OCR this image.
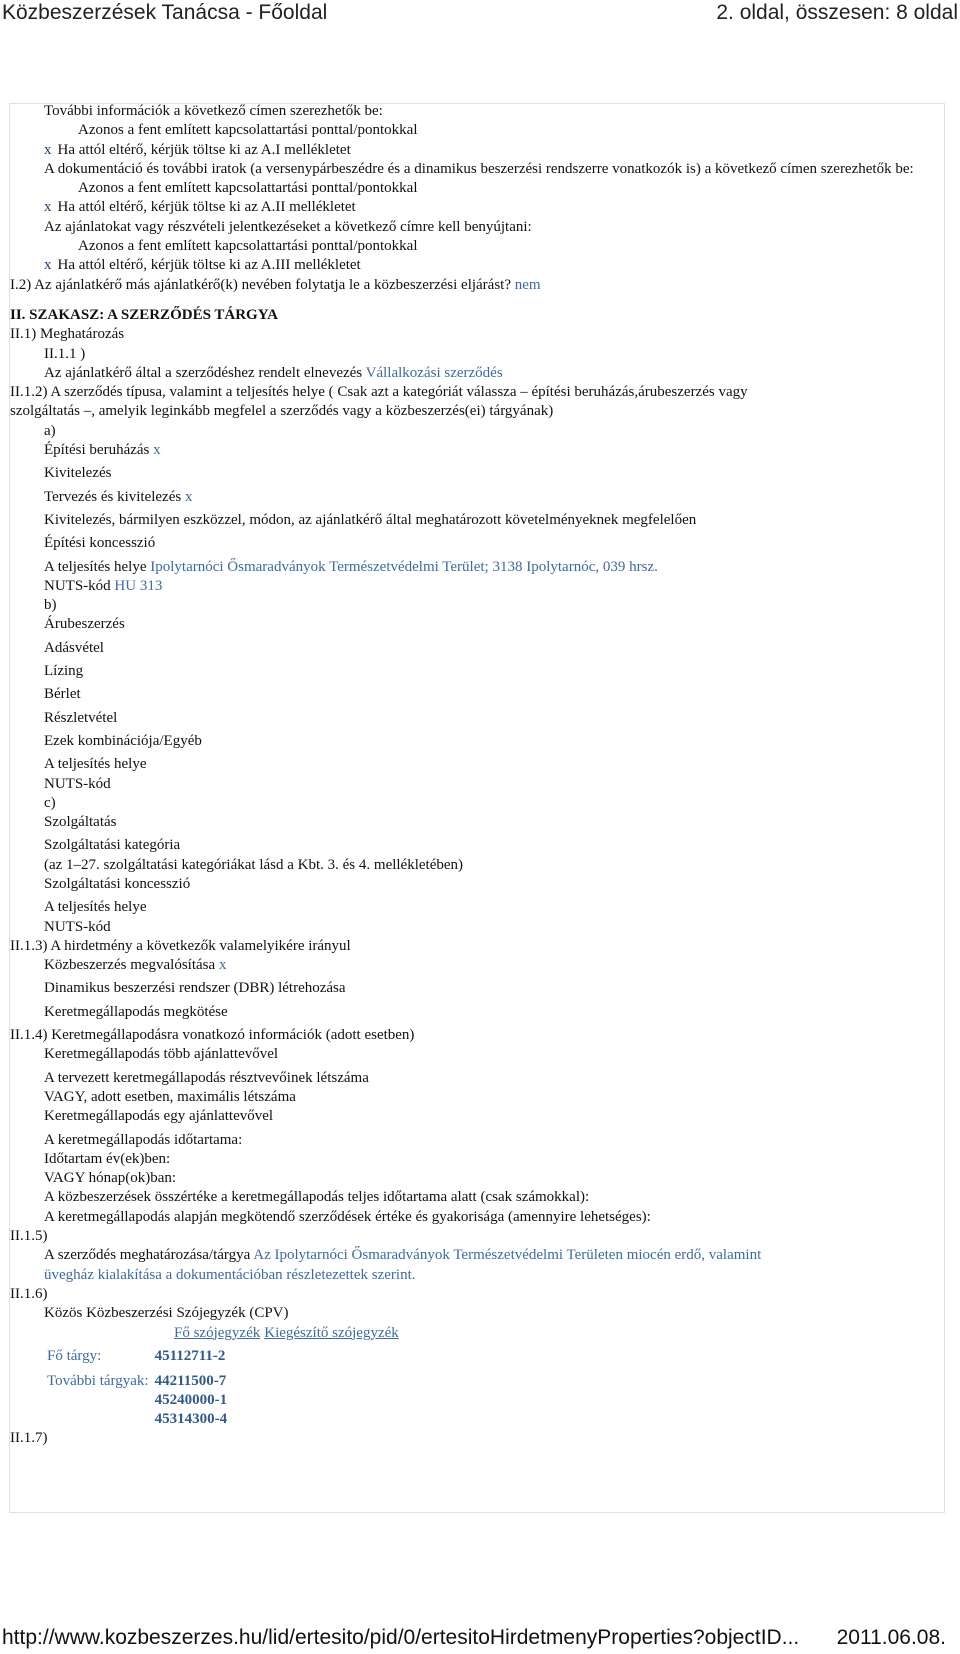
Közbeszerzések Tanácsa - Főoldal	2. oldal, összesen: 8 oldal
További információk a következő címen szerezhetők be:
Azonos a fent említett kapcsolattartási ponttal/pontokkal
x Ha attól eltérő, kérjük töltse ki az A.I mellékletet
A dokumentáció és további iratok (a versenypárbeszédre és a dinamikus beszerzési rendszerre vonatkozók is) a következő címen szerezhetők be:
Azonos a fent említett kapcsolattartási ponttal/pontokkal
x Ha attól eltérő, kérjük töltse ki az A.II mellékletet
Az ajánlatokat vagy részvételi jelentkezéseket a következő címre kell benyújtani:
Azonos a fent említett kapcsolattartási ponttal/pontokkal
x Ha attól eltérő, kérjük töltse ki az A.III mellékletet
I.2) Az ajánlatkérő más ajánlatkérő(k) nevében folytatja le a közbeszerzési eljárást? nem
II. SZAKASZ: A SZERZŐDÉS TÁRGYA
II.1) Meghatározás
II.1.1 )
Az ajánlatkérő által a szerződéshez rendelt elnevezés Vállalkozási szerződés
II.1.2) A szerződés típusa, valamint a teljesítés helye ( Csak azt a kategóriát válassza – építési beruházás,árubeszerzés vagy
szolgáltatás –, amelyik leginkább megfelel a szerződés vagy a közbeszerzés(ei) tárgyának)
a)
Építési beruházás x
Kivitelezés
Tervezés és kivitelezés x
Kivitelezés, bármilyen eszközzel, módon, az ajánlatkérő által meghatározott követelményeknek megfelelően
Építési koncesszió
A teljesítés helye Ipolytarnóci Ősmaradványok Természetvédelmi Terület; 3138 Ipolytarnóc, 039 hrsz.
NUTS-kód HU 313
b)
Árubeszerzés
Adásvétel
Lízing
Bérlet
Részletvétel
Ezek kombinációja/Egyéb
A teljesítés helye
NUTS-kód
c)
Szolgáltatás
Szolgáltatási kategória
(az 1–27. szolgáltatási kategóriákat lásd a Kbt. 3. és 4. mellékletében)
Szolgáltatási koncesszió
A teljesítés helye
NUTS-kód
II.1.3) A hirdetmény a következők valamelyikére irányul
Közbeszerzés megvalósítása x
Dinamikus beszerzési rendszer (DBR) létrehozása
Keretmegállapodás megkötése
II.1.4) Keretmegállapodásra vonatkozó információk (adott esetben)
Keretmegállapodás több ajánlattevővel
A tervezett keretmegállapodás résztvevőinek létszáma
VAGY, adott esetben, maximális létszáma
Keretmegállapodás egy ajánlattevővel
A keretmegállapodás időtartama:
Időtartam év(ek)ben:
VAGY hónap(ok)ban:
A közbeszerzések összértéke a keretmegállapodás teljes időtartama alatt (csak számokkal):
A keretmegállapodás alapján megkötendő szerződések értéke és gyakorisága (amennyire lehetséges):
II.1.5)
A szerződés meghatározása/tárgya Az Ipolytarnóci Ősmaradványok Természetvédelmi Területen miocén erdő, valamint
üvegház kialakítása a dokumentációban részletezettek szerint.
II.1.6)
Közös Közbeszerzési Szójegyzék (CPV)
Fő szójegyzék Kiegészítő szójegyzék
Fő tárgy:	45112711-2
További tárgyak:	44211500-7
45240000-1
45314300-4
II.1.7)
http://www.kozbeszerzes.hu/lid/ertesito/pid/0/ertesitoHirdetmenyProperties?objectID... 2011.06.08.
